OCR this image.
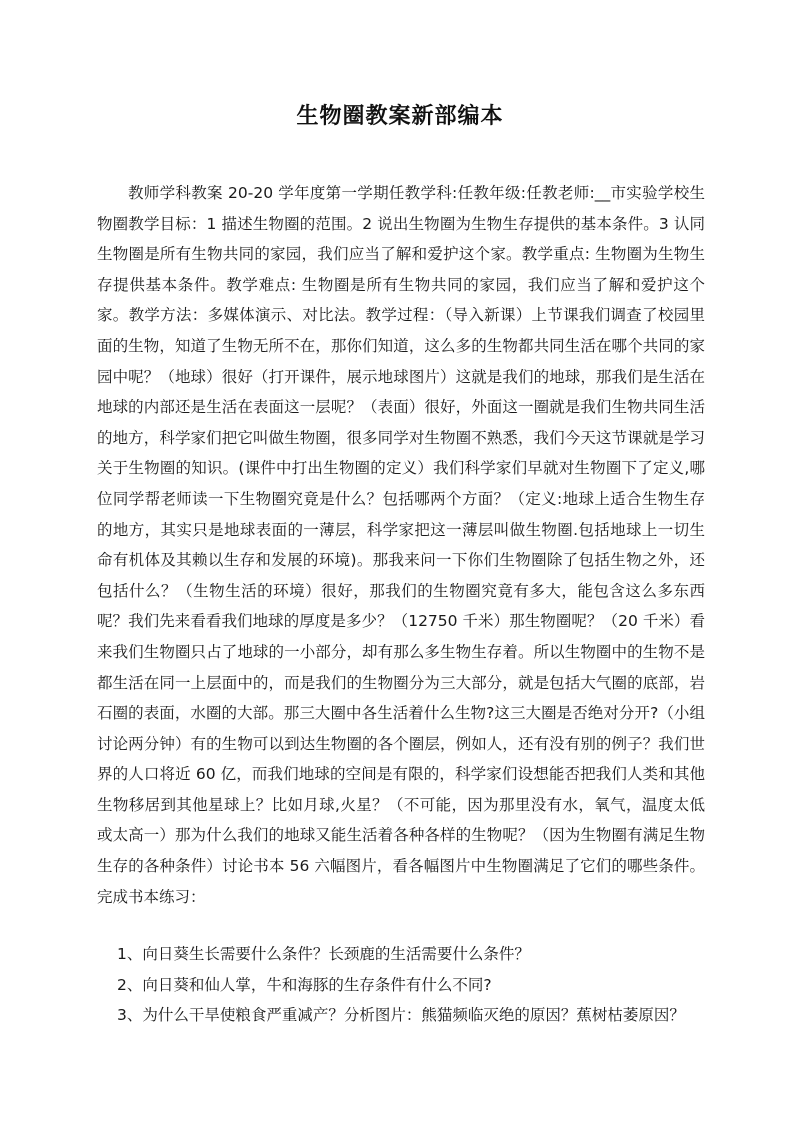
生物圈教案新部编本

教师学科教案 20-20 学年度第一学期任教学科:任教年级:任教老师:__市实验学校生物圈教学目标：1 描述生物圈的范围。2 说出生物圈为生物生存提供的基本条件。3 认同生物圈是所有生物共同的家园，我们应当了解和爱护这个家。教学重点: 生物圈为生物生存提供基本条件。教学难点: 生物圈是所有生物共同的家园，我们应当了解和爱护这个家。教学方法：多媒体演示、对比法。教学过程：（导入新课）上节课我们调查了校园里面的生物，知道了生物无所不在，那你们知道，这么多的生物都共同生活在哪个共同的家园中呢？（地球）很好（打开课件，展示地球图片）这就是我们的地球，那我们是生活在地球的内部还是生活在表面这一层呢？（表面）很好，外面这一圈就是我们生物共同生活的地方，科学家们把它叫做生物圈，很多同学对生物圈不熟悉，我们今天这节课就是学习关于生物圈的知识。(课件中打出生物圈的定义）我们科学家们早就对生物圈下了定义,哪位同学帮老师读一下生物圈究竟是什么？包括哪两个方面？（定义:地球上适合生物生存的地方，其实只是地球表面的一薄层，科学家把这一薄层叫做生物圈.包括地球上一切生命有机体及其赖以生存和发展的环境)。那我来问一下你们生物圈除了包括生物之外，还包括什么？（生物生活的环境）很好，那我们的生物圈究竟有多大，能包含这么多东西呢？我们先来看看我们地球的厚度是多少？（12750 千米）那生物圈呢？（20 千米）看来我们生物圈只占了地球的一小部分，却有那么多生物生存着。所以生物圈中的生物不是都生活在同一上层面中的，而是我们的生物圈分为三大部分，就是包括大气圈的底部，岩石圈的表面，水圈的大部。那三大圈中各生活着什么生物?这三大圈是否绝对分开?（小组讨论两分钟）有的生物可以到达生物圈的各个圈层，例如人，还有没有别的例子？我们世界的人口将近 60 亿，而我们地球的空间是有限的，科学家们设想能否把我们人类和其他生物移居到其他星球上？比如月球,火星？（不可能，因为那里没有水，氧气，温度太低或太高一）那为什么我们的地球又能生活着各种各样的生物呢？（因为生物圈有满足生物生存的各种条件）讨论书本 56 六幅图片，看各幅图片中生物圈满足了它们的哪些条件。完成书本练习：

1、向日葵生长需要什么条件？长颈鹿的生活需要什么条件？
2、向日葵和仙人掌，牛和海豚的生存条件有什么不同?
3、为什么干旱使粮食严重减产？分析图片：熊猫频临灭绝的原因？蕉树枯萎原因？
